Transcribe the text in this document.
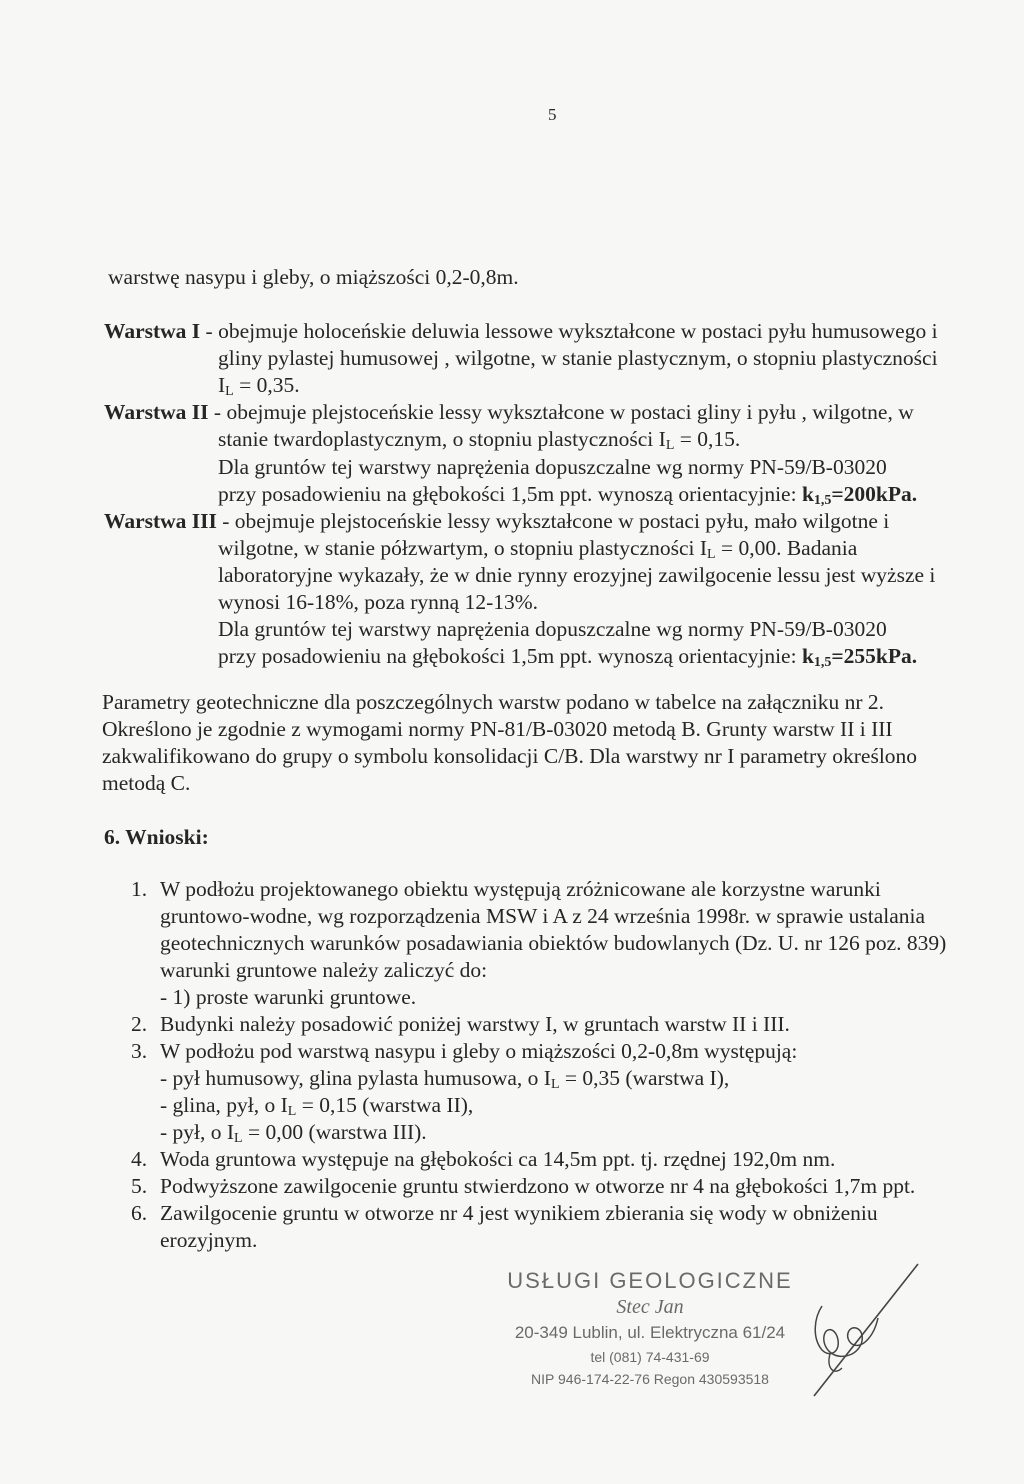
5
warstwę nasypu i gleby, o miąższości 0,2-0,8m.
Warstwa I - obejmuje holoceńskie deluwia lessowe wykształcone w postaci pyłu humusowego i
gliny pylastej humusowej , wilgotne, w stanie plastycznym, o stopniu plastyczności
$I_L = 0,35$.
Warstwa II - obejmuje plejstoceńskie lessy wykształcone w postaci gliny i pyłu , wilgotne, w
stanie twardoplastycznym, o stopniu plastyczności $I_L = 0,15$.
Dla gruntów tej warstwy naprężenia dopuszczalne wg normy PN-59/B-03020
przy posadowieniu na głębokości 1,5m ppt. wynoszą orientacyjnie: $k_{1,5}=200kPa$.
Warstwa III - obejmuje plejstoceńskie lessy wykształcone w postaci pyłu, mało wilgotne i
wilgotne, w stanie półzwartym, o stopniu plastyczności $I_L = 0,00$. Badania
laboratoryjne wykazały, że w dnie rynny erozyjnej zawilgocenie lessu jest wyższe i
wynosi 16-18%, poza rynną 12-13%.
Dla gruntów tej warstwy naprężenia dopuszczalne wg normy PN-59/B-03020
przy posadowieniu na głębokości 1,5m ppt. wynoszą orientacyjnie: $k_{1,5}=255kPa$.
Parametry geotechniczne dla poszczególnych warstw podano w tabelce na załączniku nr 2.
Określono je zgodnie z wymogami normy PN-81/B-03020 metodą B. Grunty warstw II i III
zakwalifikowano do grupy o symbolu konsolidacji C/B. Dla warstwy nr I parametry określono
metodą C.
6. Wnioski:
1. W podłożu projektowanego obiektu występują zróżnicowane ale korzystne warunki
gruntowo-wodne, wg rozporządzenia MSW i A z 24 września 1998r. w sprawie ustalania
geotechnicznych warunków posadawiania obiektów budowlanych (Dz. U. nr 126 poz. 839)
warunki gruntowe należy zaliczyć do:
- 1) proste warunki gruntowe.
2. Budynki należy posadowić poniżej warstwy I, w gruntach warstw II i III.
3. W podłożu pod warstwą nasypu i gleby o miąższości 0,2-0,8m występują:
- pył humusowy, glina pylasta humusowa, o $I_L = 0,35$ (warstwa I),
- glina, pył, o $I_L = 0,15$ (warstwa II),
- pył, o $I_L = 0,00$ (warstwa III).
4. Woda gruntowa występuje na głębokości ca 14,5m ppt. tj. rzędnej 192,0m nm.
5. Podwyższone zawilgocenie gruntu stwierdzono w otworze nr 4 na głębokości 1,7m ppt.
6. Zawilgocenie gruntu w otworze nr 4 jest wynikiem zbierania się wody w obniżeniu
erozyjnym.
USŁUGI GEOLOGICZNE
Stec Jan
20-349 Lublin, ul. Elektryczna 61/24
tel (081) 74-431-69
NIP 946-174-22-76 Regon 430593518
